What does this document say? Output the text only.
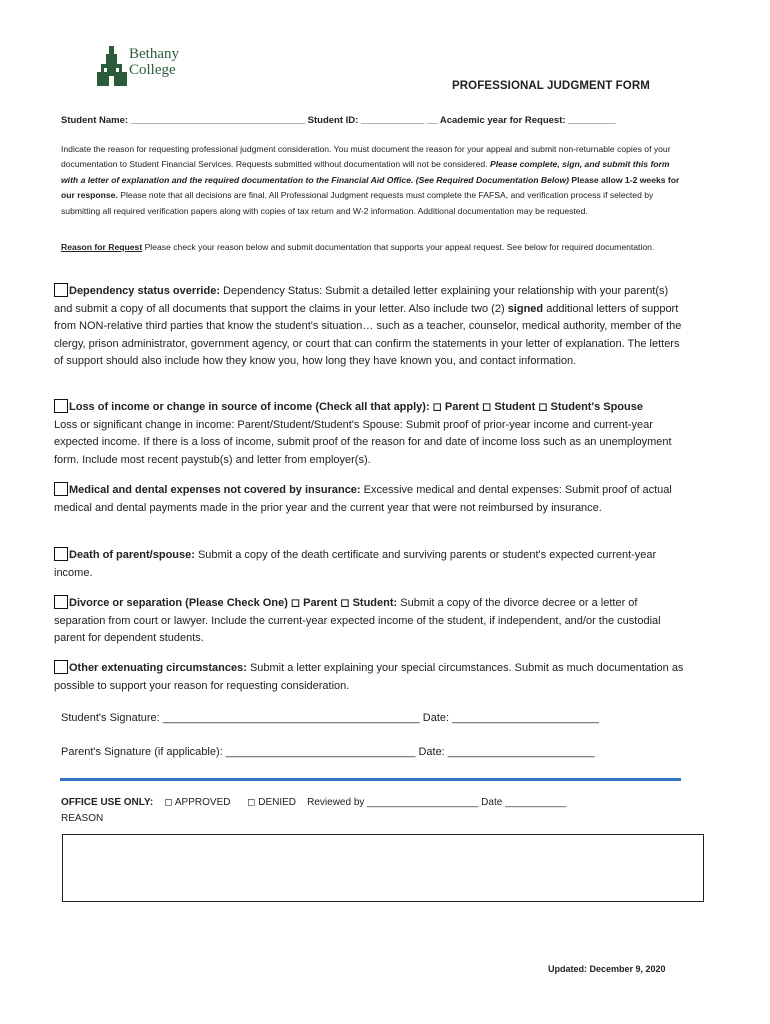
Bethany
College
PROFESSIONAL JUDGMENT FORM
Student Name: _________________________________ Student ID: ____________ __ Academic year for Request: _________
Indicate the reason for requesting professional judgment consideration. You must document the reason for your appeal and submit non-returnable copies of your documentation to Student Financial Services. Requests submitted without documentation will not be considered. Please complete, sign, and submit this form with a letter of explanation and the required documentation to the Financial Aid Office. (See Required Documentation Below) Please allow 1-2 weeks for our response. Please note that all decisions are final. All Professional Judgment requests must complete the FAFSA, and verification process if selected by submitting all required verification papers along with copies of tax return and W-2 information. Additional documentation may be requested.
Reason for Request Please check your reason below and submit documentation that supports your appeal request. See below for required documentation.
Dependency status override: Dependency Status: Submit a detailed letter explaining your relationship with your parent(s) and submit a copy of all documents that support the claims in your letter. Also include two (2) signed additional letters of support from NON-relative third parties that know the student's situation… such as a teacher, counselor, medical authority, member of the clergy, prison administrator, government agency, or court that can confirm the statements in your letter of explanation. The letters of support should also include how they know you, how long they have known you, and contact information.
Loss of income or change in source of income (Check all that apply): ◻ Parent ◻ Student ◻ Student's Spouse
Loss or significant change in income: Parent/Student/Student's Spouse: Submit proof of prior-year income and current-year expected income. If there is a loss of income, submit proof of the reason for and date of income loss such as an unemployment form. Include most recent paystub(s) and letter from employer(s).
Medical and dental expenses not covered by insurance: Excessive medical and dental expenses: Submit proof of actual medical and dental payments made in the prior year and the current year that were not reimbursed by insurance.
Death of parent/spouse: Submit a copy of the death certificate and surviving parents or student's expected current-year income.
Divorce or separation (Please Check One) ◻ Parent ◻ Student: Submit a copy of the divorce decree or a letter of separation from court or lawyer. Include the current-year expected income of the student, if independent, and/or the custodial parent for dependent students.
Other extenuating circumstances: Submit a letter explaining your special circumstances. Submit as much documentation as possible to support your reason for requesting consideration.
Student's Signature: __________________________________________ Date: ________________________
Parent's Signature (if applicable): _______________________________ Date: ________________________
OFFICE USE ONLY: ◻ APPROVED ◻ DENIED Reviewed by ____________________ Date ___________
REASON
Updated: December 9, 2020
